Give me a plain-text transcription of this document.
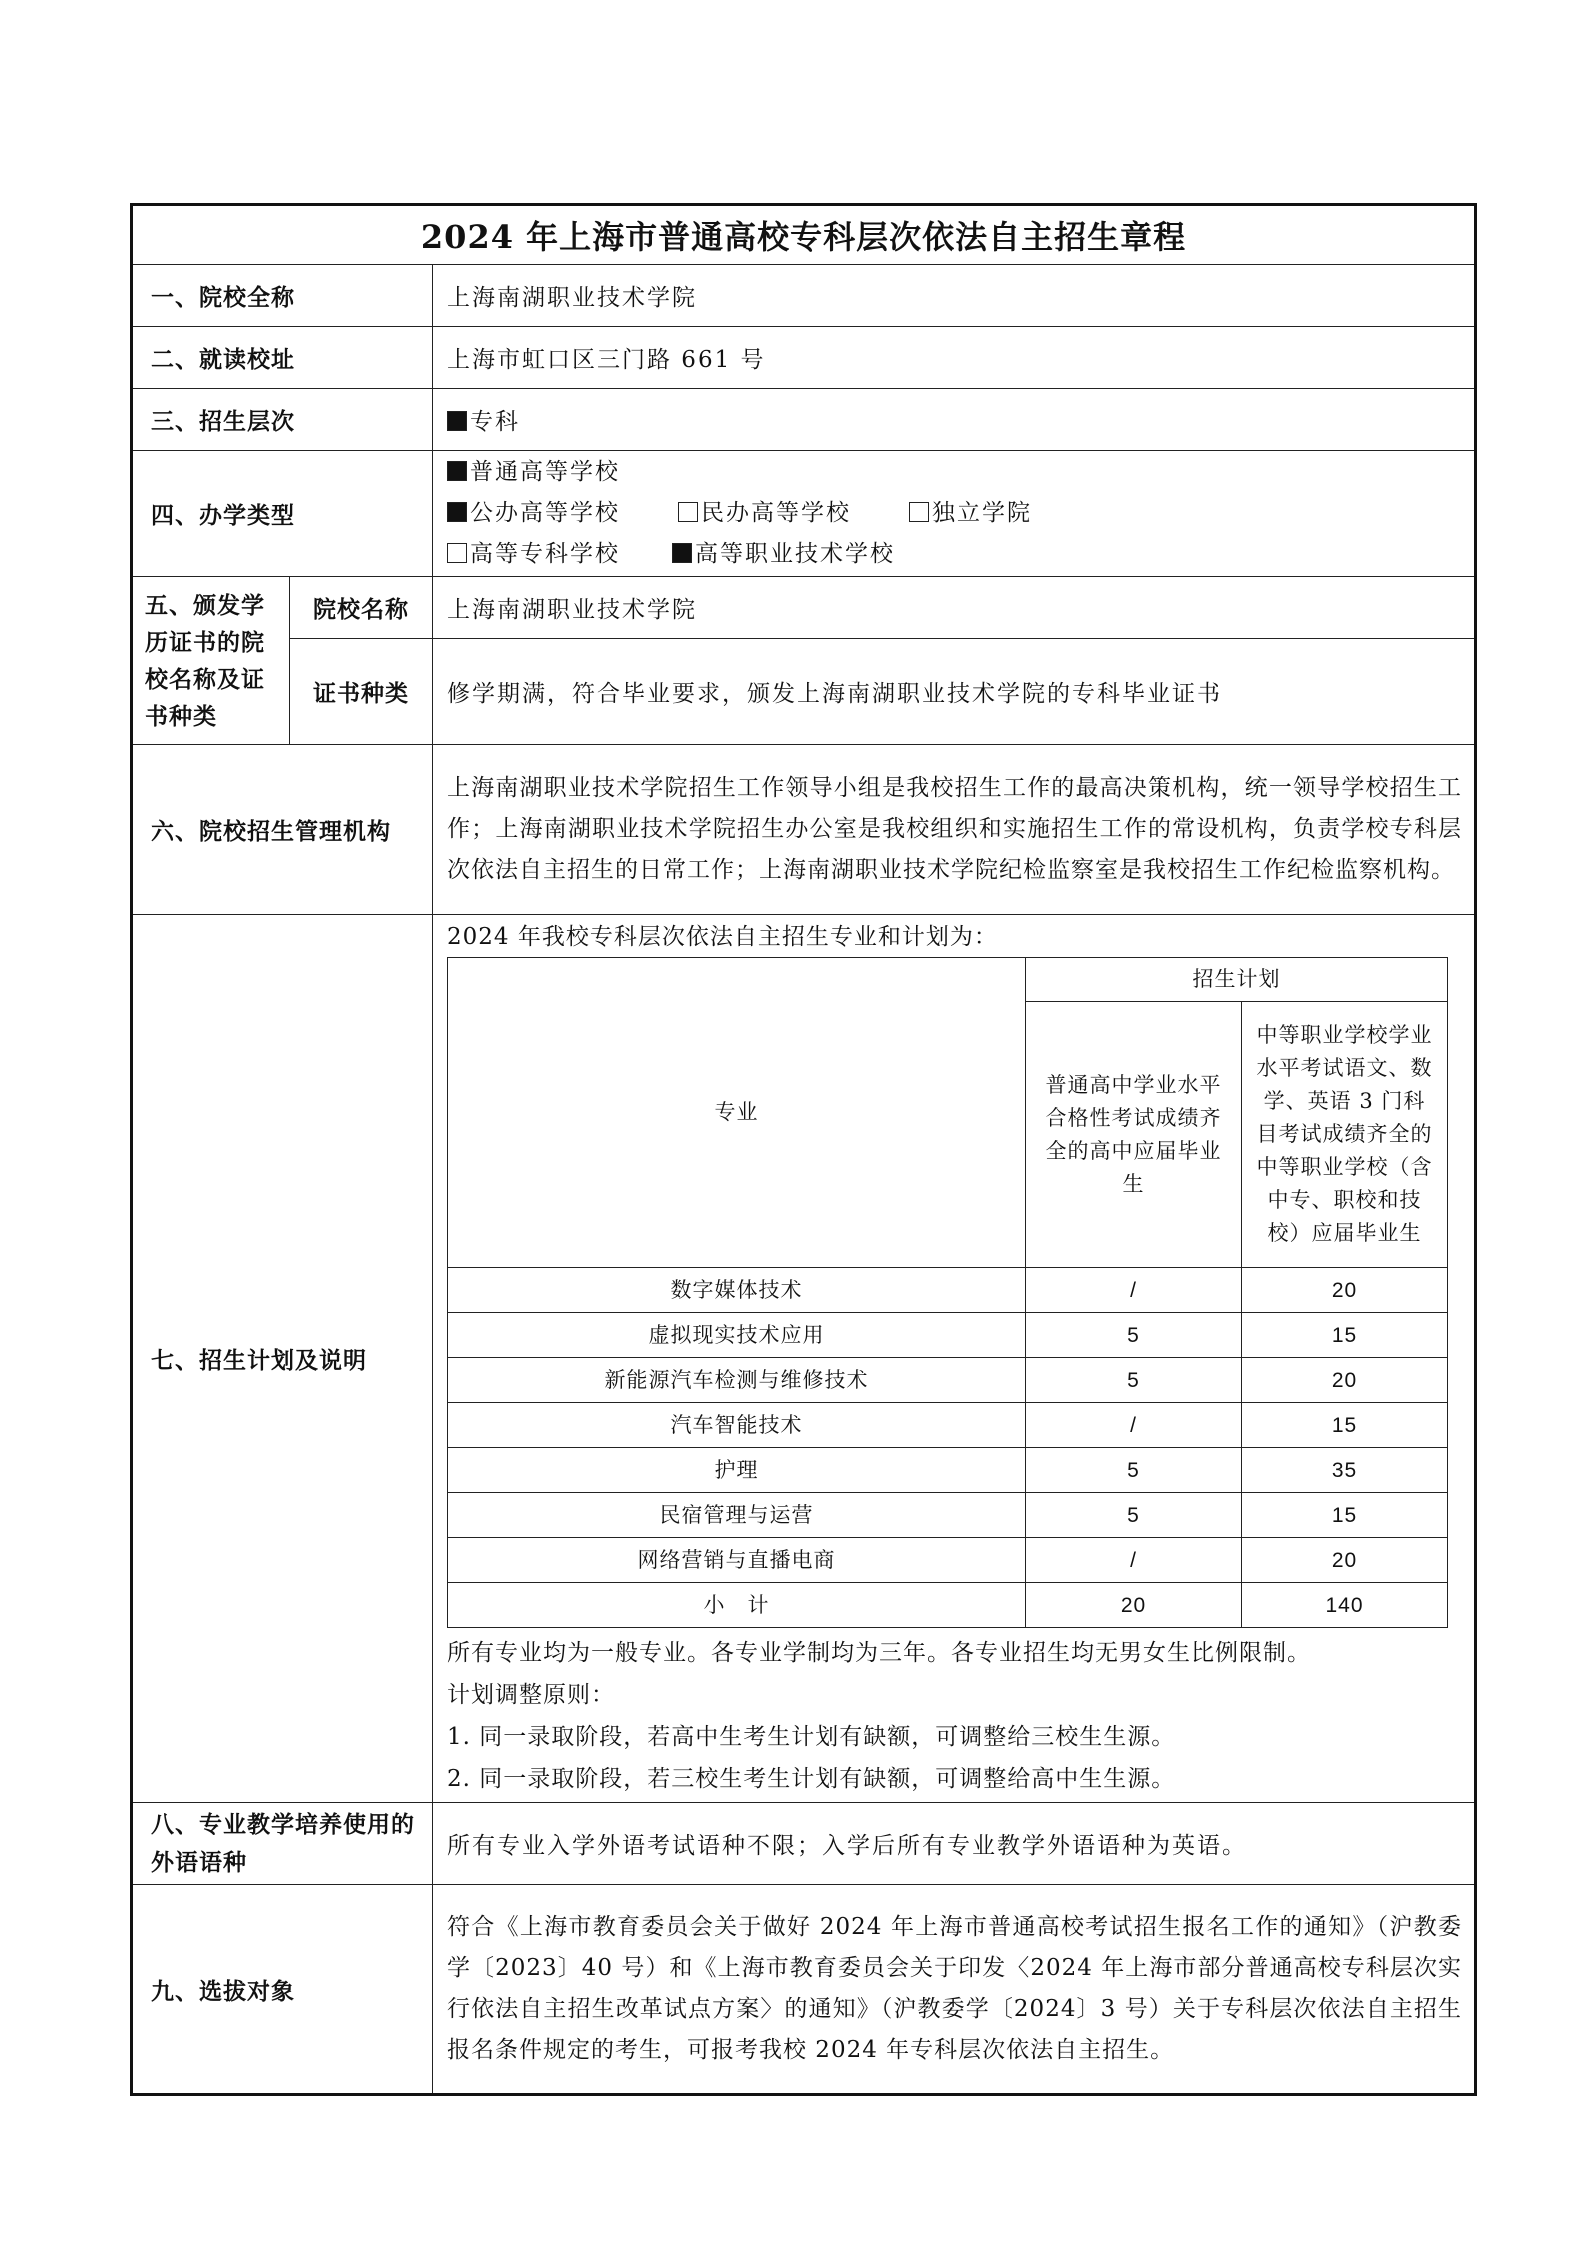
2024 年上海市普通高校专科层次依法自主招生章程
一、院校全称	上海南湖职业技术学院
二、就读校址	上海市虹口区三门路 661 号
三、招生层次	专科
四、办学类型	
普通高等学校
公办高等学校	民办高等学校	独立学院
高等专科学校	高等职业技术学校

五、颁发学历证书的院校名称及证书种类	院校名称	上海南湖职业技术学院
证书种类	修学期满，符合毕业要求，颁发上海南湖职业技术学院的专科毕业证书
六、院校招生管理机构	上海南湖职业技术学院招生工作领导小组是我校招生工作的最高决策机构，统一领导学校招生工作；上海南湖职业技术学院招生办公室是我校组织和实施招生工作的常设机构，负责学校专科层次依法自主招生的日常工作；上海南湖职业技术学院纪检监察室是我校招生工作纪检监察机构。
七、招生计划及说明	
2024 年我校专科层次依法自主招生专业和计划为：
专业	招生计划
普通高中学业水平合格性考试成绩齐全的高中应届毕业生	中等职业学校学业水平考试语文、数学、英语 3 门科目考试成绩齐全的中等职业学校（含中专、职校和技校）应届毕业生
数字媒体技术	/	20
虚拟现实技术应用	5	15
新能源汽车检测与维修技术	5	20
汽车智能技术	/	15
护理	5	35
民宿管理与运营	5	15
网络营销与直播电商	/	20
小　计	20	140
所有专业均为一般专业。各专业学制均为三年。各专业招生均无男女生比例限制。
计划调整原则：
1. 同一录取阶段，若高中生考生计划有缺额，可调整给三校生生源。
2. 同一录取阶段，若三校生考生计划有缺额，可调整给高中生生源。

八、专业教学培养使用的外语语种	所有专业入学外语考试语种不限；入学后所有专业教学外语语种为英语。
九、选拔对象	符合《上海市教育委员会关于做好 2024 年上海市普通高校考试招生报名工作的通知》（沪教委学〔2023〕40 号）和《上海市教育委员会关于印发〈2024 年上海市部分普通高校专科层次实行依法自主招生改革试点方案〉的通知》（沪教委学〔2024〕3 号）关于专科层次依法自主招生报名条件规定的考生，可报考我校 2024 年专科层次依法自主招生。
